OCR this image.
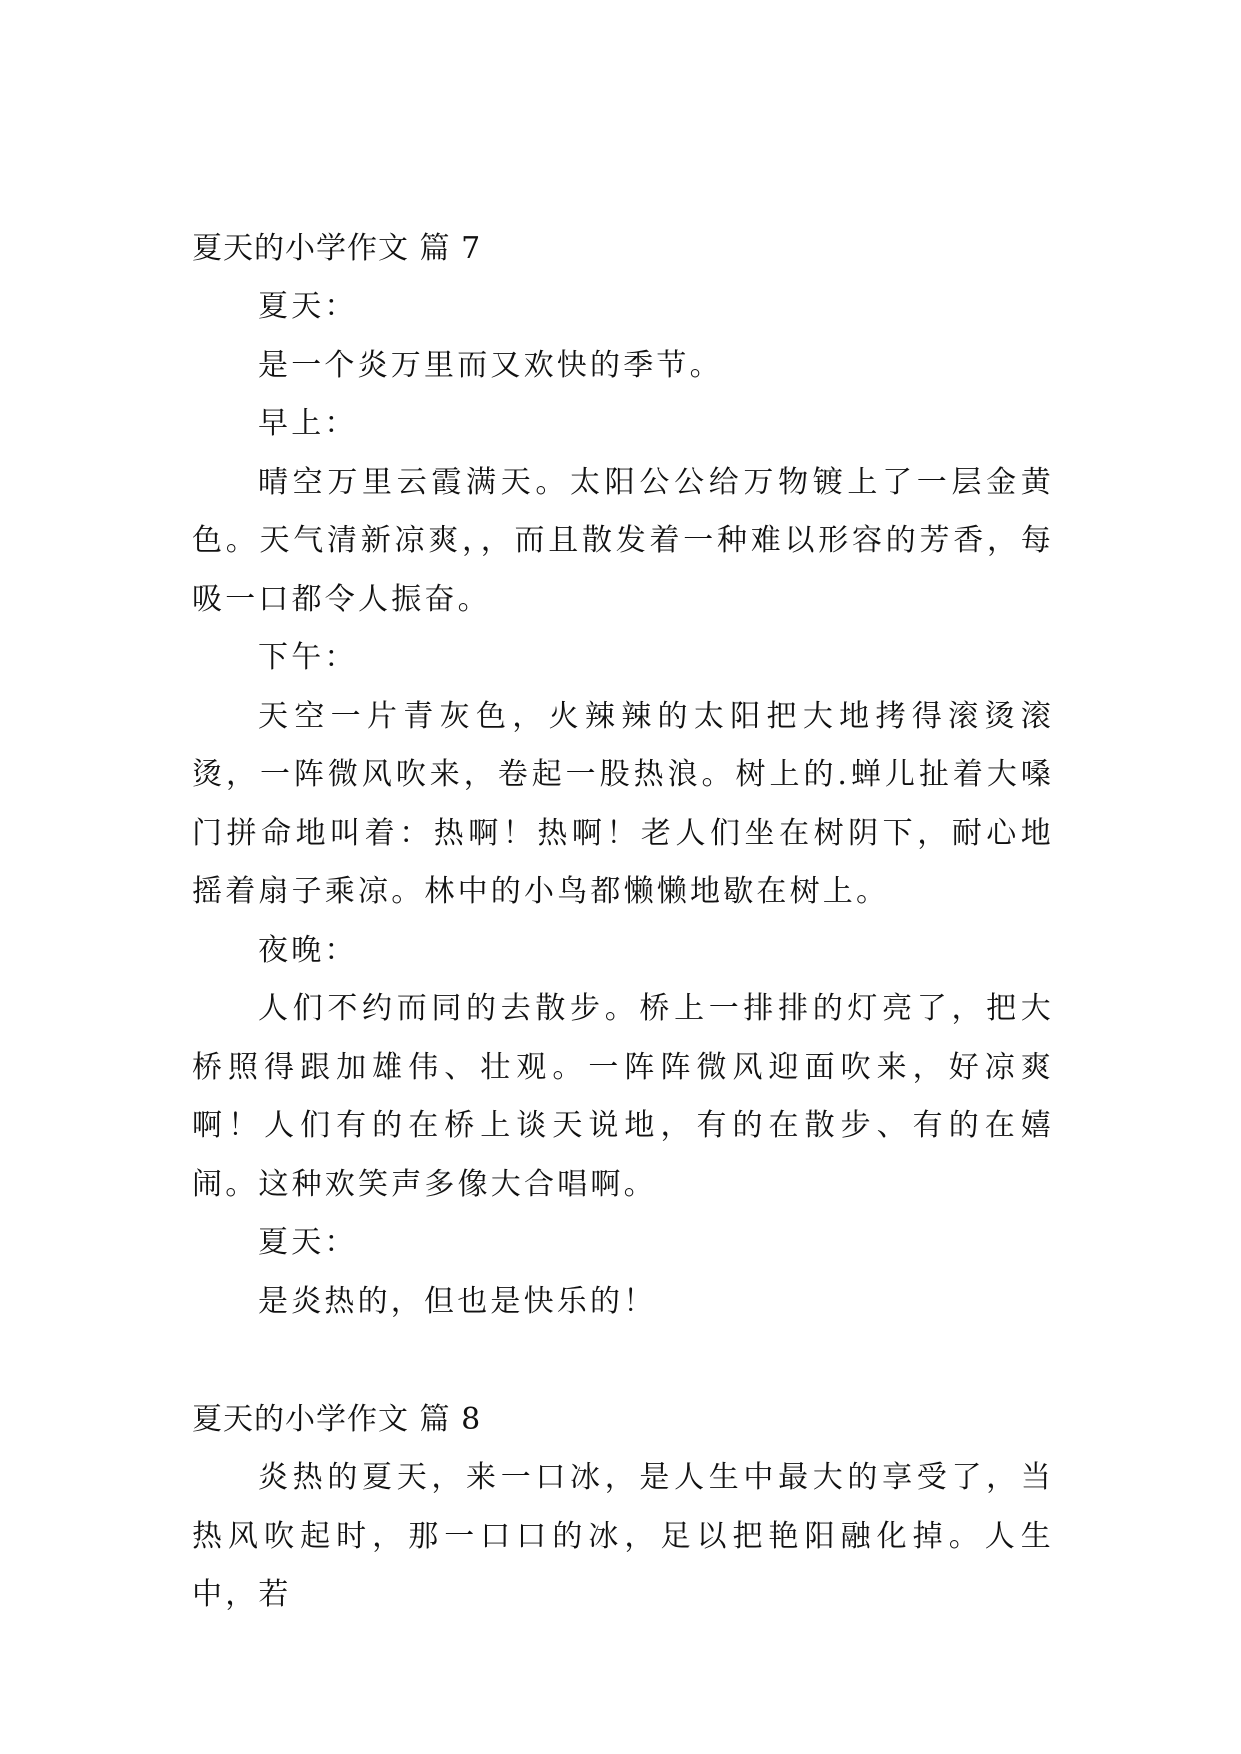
夏天的小学作文 篇 7

夏天：

是一个炎万里而又欢快的季节。

早上：

晴空万里云霞满天。太阳公公给万物镀上了一层金黄色。天气清新凉爽，，而且散发着一种难以形容的芳香，每吸一口都令人振奋。

下午：

天空一片青灰色，火辣辣的太阳把大地拷得滚烫滚烫，一阵微风吹来，卷起一股热浪。树上的.蝉儿扯着大嗓门拼命地叫着：热啊！热啊！老人们坐在树阴下，耐心地摇着扇子乘凉。林中的小鸟都懒懒地歇在树上。

夜晚：

人们不约而同的去散步。桥上一排排的灯亮了，把大桥照得跟加雄伟、壮观。一阵阵微风迎面吹来，好凉爽啊！人们有的在桥上谈天说地，有的在散步、有的在嬉闹。这种欢笑声多像大合唱啊。

夏天：

是炎热的，但也是快乐的！

夏天的小学作文 篇 8

炎热的夏天，来一口冰，是人生中最大的享受了，当热风吹起时，那一口口的冰，足以把艳阳融化掉。人生中，若
